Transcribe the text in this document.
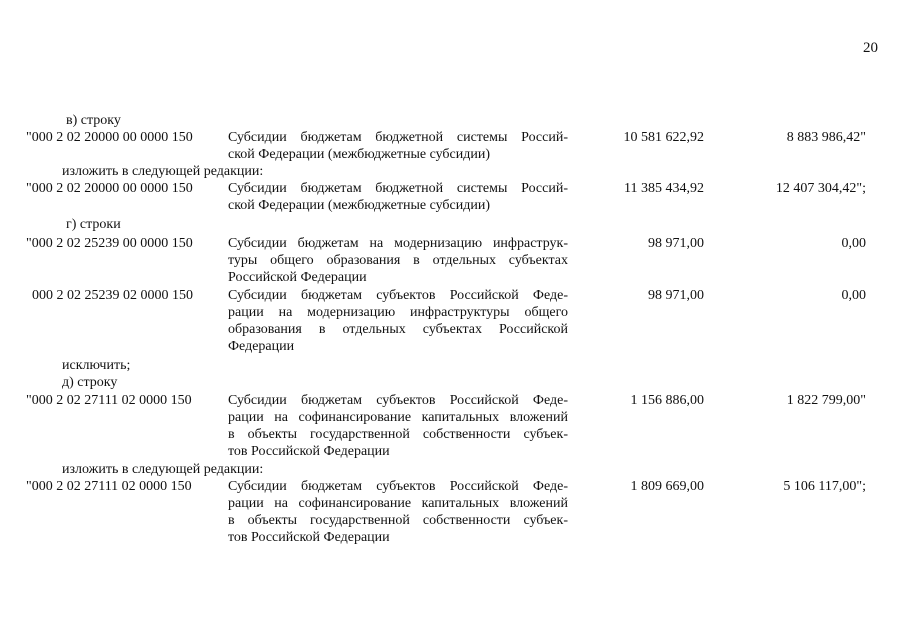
20
в) строку
"000 2 02 20000 00 0000 150	Субсидии бюджетам бюджетной системы Россий-
ской Федерации (межбюджетные субсидии)
10 581 622,92	8 883 986,42"
изложить в следующей редакции:
"000 2 02 20000 00 0000 150	Субсидии бюджетам бюджетной системы Россий-
ской Федерации (межбюджетные субсидии)
11 385 434,92	12 407 304,42";
г) строки
"000 2 02 25239 00 0000 150	Субсидии бюджетам на модернизацию инфраструк-
туры общего образования в отдельных субъектах
Российской Федерации
98 971,00	0,00
000 2 02 25239 02 0000 150	Субсидии бюджетам субъектов Российской Феде-
рации на модернизацию инфраструктуры общего
образования в отдельных субъектах Российской
Федерации
98 971,00	0,00
исключить;
д) строку
"000 2 02 27111 02 0000 150	Субсидии бюджетам субъектов Российской Феде-
рации на софинансирование капитальных вложений
в объекты государственной собственности субъек-
тов Российской Федерации
1 156 886,00	1 822 799,00"
изложить в следующей редакции:
"000 2 02 27111 02 0000 150	Субсидии бюджетам субъектов Российской Феде-
рации на софинансирование капитальных вложений
в объекты государственной собственности субъек-
тов Российской Федерации
1 809 669,00	5 106 117,00";
